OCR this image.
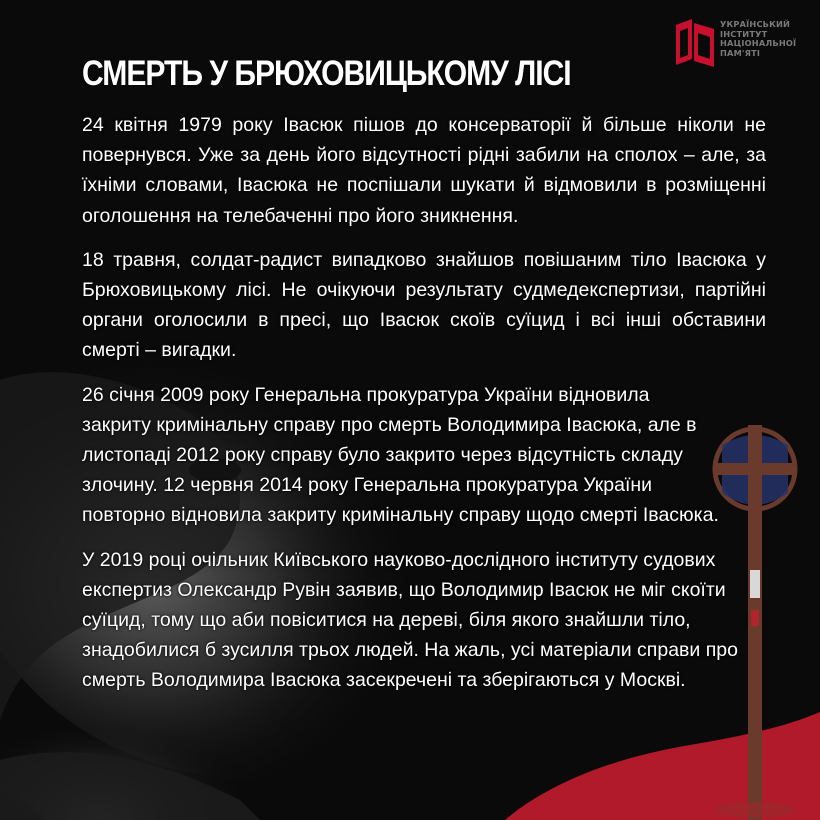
УКРАЇНСЬКИЙ
ІНСТИТУТ
НАЦІОНАЛЬНОЇ
ПАМ'ЯТІ
СМЕРТЬ У БРЮХОВИЦЬКОМУ ЛІСІ

24 квітня 1979 року Івасюк пішов до консерваторії й більше ніколи не повернувся. Уже за день його відсутності рідні забили на сполох – але, за їхніми словами, Івасюка не поспішали шукати й відмовили в розміщенні оголошення на телебаченні про його зникнення.

18 травня, солдат-радист випадково знайшов повішаним тіло Івасюка у Брюховицькому лісі. Не очікуючи результату судмедекспертизи, партійні органи оголосили в пресі, що Івасюк скоїв суїцид і всі інші обставини смерті – вигадки.

26 січня 2009 року Генеральна прокуратура України відновила закриту кримінальну справу про смерть Володимира Івасюка, але в листопаді 2012 року справу було закрито через відсутність складу злочину. 12 червня 2014 року Генеральна прокуратура України повторно відновила закриту кримінальну справу щодо смерті Івасюка.

У 2019 році очільник Київського науково-дослідного інституту судових експертиз Олександр Рувін заявив, що Володимир Івасюк не міг скоїти суїцид, тому що аби повіситися на дереві, біля якого знайшли тіло, знадобилися б зусилля трьох людей. На жаль, усі матеріали справи про смерть Володимира Івасюка засекречені та зберігаються у Москві.
